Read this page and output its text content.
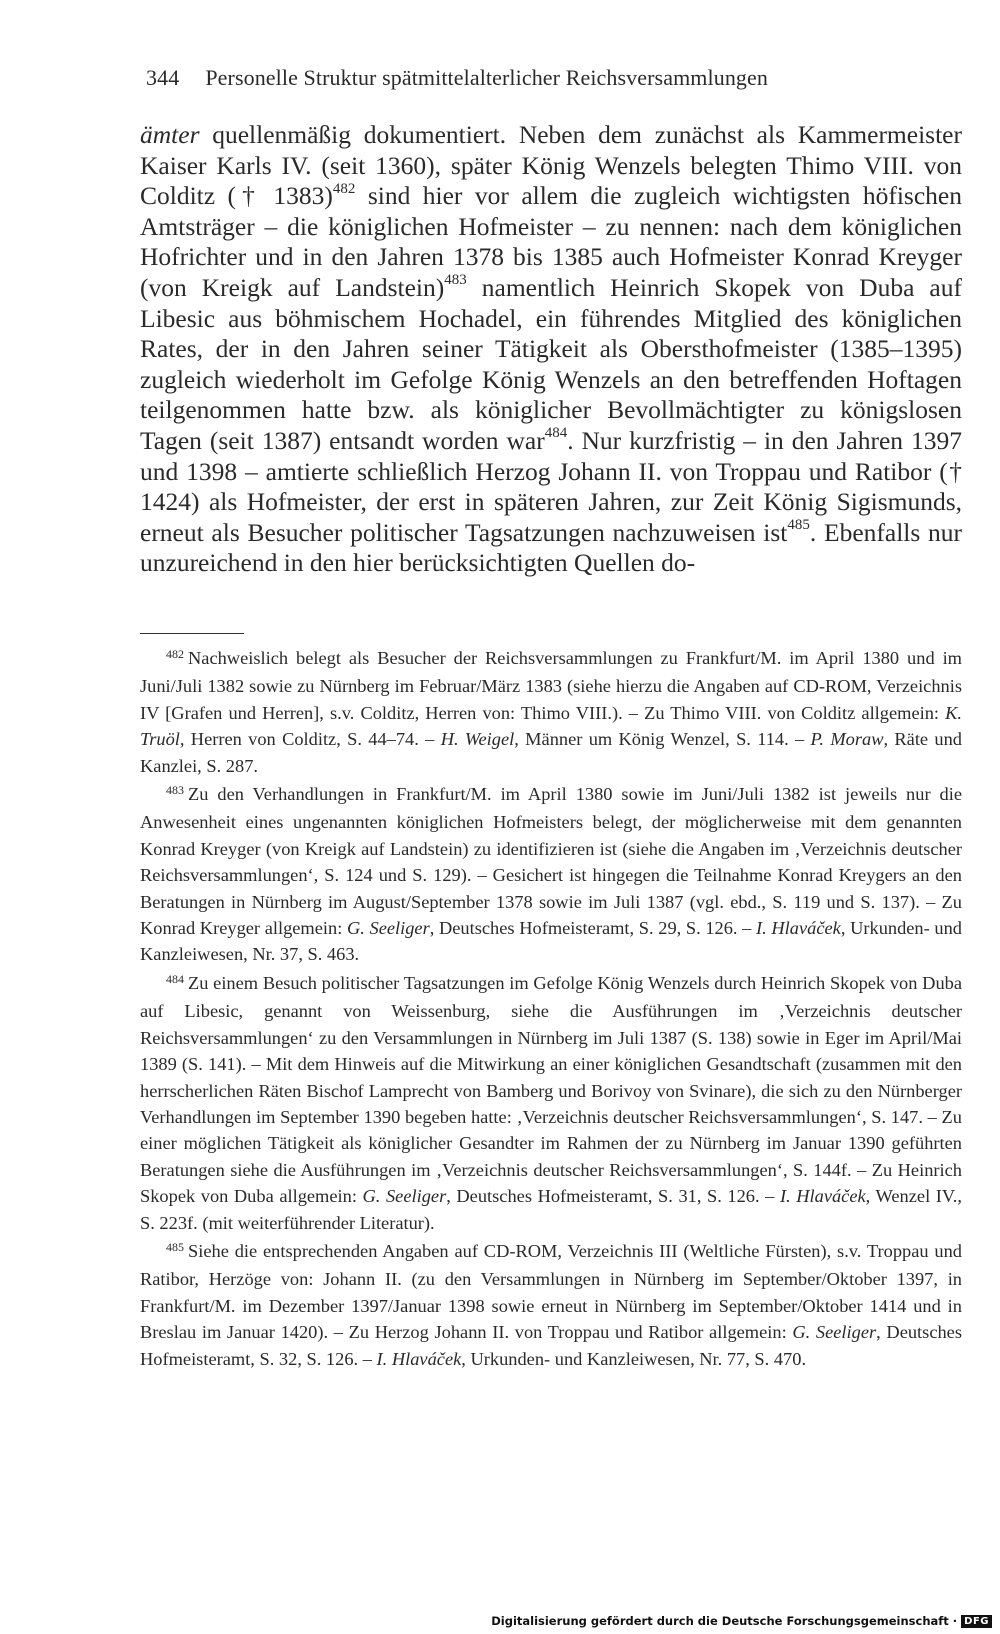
344 Personelle Struktur spätmittelalterlicher Reichsversammlungen

ämter quellenmäßig dokumentiert. Neben dem zunächst als Kammermeister Kaiser Karls IV. (seit 1360), später König Wenzels belegten Thimo VIII. von Colditz († 1383)$^{482}$ sind hier vor allem die zugleich wichtigsten höfischen Amtsträger – die königlichen Hofmeister – zu nennen: nach dem königlichen Hofrichter und in den Jahren 1378 bis 1385 auch Hofmeister Konrad Kreyger (von Kreigk auf Landstein)$^{483}$ namentlich Heinrich Skopek von Duba auf Libesic aus böhmischem Hochadel, ein führendes Mitglied des königlichen Rates, der in den Jahren seiner Tätigkeit als Obersthofmeister (1385–1395) zugleich wiederholt im Gefolge König Wenzels an den betreffenden Hoftagen teilgenommen hatte bzw. als königlicher Bevollmächtigter zu königslosen Tagen (seit 1387) entsandt worden war$^{484}$. Nur kurzfristig – in den Jahren 1397 und 1398 – amtierte schließlich Herzog Johann II. von Troppau und Ratibor († 1424) als Hofmeister, der erst in späteren Jahren, zur Zeit König Sigismunds, erneut als Besucher politischer Tagsatzungen nachzuweisen ist$^{485}$. Ebenfalls nur unzureichend in den hier berücksichtigten Quellen do-

$^{482}$ Nachweislich belegt als Besucher der Reichsversammlungen zu Frankfurt/M. im April 1380 und im Juni/Juli 1382 sowie zu Nürnberg im Februar/März 1383 (siehe hierzu die Angaben auf CD-ROM, Verzeichnis IV [Grafen und Herren], s.v. Colditz, Herren von: Thimo VIII.). – Zu Thimo VIII. von Colditz allgemein: K. Truöl, Herren von Colditz, S. 44–74. – H. Weigel, Männer um König Wenzel, S. 114. – P. Moraw, Räte und Kanzlei, S. 287.

$^{483}$ Zu den Verhandlungen in Frankfurt/M. im April 1380 sowie im Juni/Juli 1382 ist jeweils nur die Anwesenheit eines ungenannten königlichen Hofmeisters belegt, der möglicherweise mit dem genannten Konrad Kreyger (von Kreigk auf Landstein) zu identifizieren ist (siehe die Angaben im ‚Verzeichnis deutscher Reichsversammlungen‘, S. 124 und S. 129). – Gesichert ist hingegen die Teilnahme Konrad Kreygers an den Beratungen in Nürnberg im August/September 1378 sowie im Juli 1387 (vgl. ebd., S. 119 und S. 137). – Zu Konrad Kreyger allgemein: G. Seeliger, Deutsches Hofmeisteramt, S. 29, S. 126. – I. Hlaváček, Urkunden- und Kanzleiwesen, Nr. 37, S. 463.

$^{484}$ Zu einem Besuch politischer Tagsatzungen im Gefolge König Wenzels durch Heinrich Skopek von Duba auf Libesic, genannt von Weissenburg, siehe die Ausführungen im ‚Verzeichnis deutscher Reichsversammlungen‘ zu den Versammlungen in Nürnberg im Juli 1387 (S. 138) sowie in Eger im April/Mai 1389 (S. 141). – Mit dem Hinweis auf die Mitwirkung an einer königlichen Gesandtschaft (zusammen mit den herrscherlichen Räten Bischof Lamprecht von Bamberg und Borivoy von Svinare), die sich zu den Nürnberger Verhandlungen im September 1390 begeben hatte: ‚Verzeichnis deutscher Reichsversammlungen‘, S. 147. – Zu einer möglichen Tätigkeit als königlicher Gesandter im Rahmen der zu Nürnberg im Januar 1390 geführten Beratungen siehe die Ausführungen im ‚Verzeichnis deutscher Reichsversammlungen‘, S. 144f. – Zu Heinrich Skopek von Duba allgemein: G. Seeliger, Deutsches Hofmeisteramt, S. 31, S. 126. – I. Hlaváček, Wenzel IV., S. 223f. (mit weiterführender Literatur).

$^{485}$ Siehe die entsprechenden Angaben auf CD-ROM, Verzeichnis III (Weltliche Fürsten), s.v. Troppau und Ratibor, Herzöge von: Johann II. (zu den Versammlungen in Nürnberg im September/Oktober 1397, in Frankfurt/M. im Dezember 1397/Januar 1398 sowie erneut in Nürnberg im September/Oktober 1414 und in Breslau im Januar 1420). – Zu Herzog Johann II. von Troppau und Ratibor allgemein: G. Seeliger, Deutsches Hofmeisteramt, S. 32, S. 126. – I. Hlaváček, Urkunden- und Kanzleiwesen, Nr. 77, S. 470.

Digitalisierung gefördert durch die Deutsche Forschungsgemeinschaft · DFG
